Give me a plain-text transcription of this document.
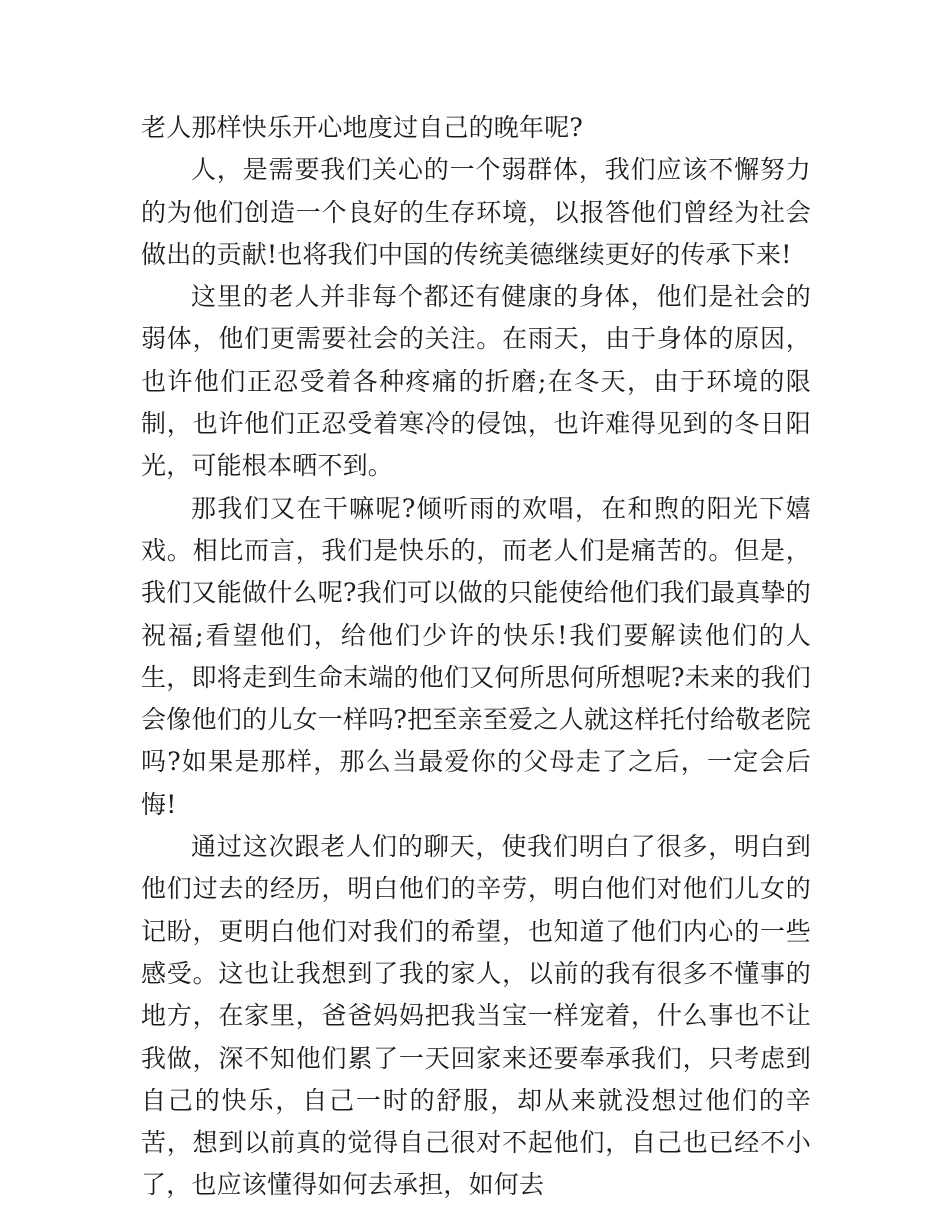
老人那样快乐开心地度过自己的晚年呢?

人，是需要我们关心的一个弱群体，我们应该不懈努力的为他们创造一个良好的生存环境，以报答他们曾经为社会做出的贡献!也将我们中国的传统美德继续更好的传承下来!

这里的老人并非每个都还有健康的身体，他们是社会的弱体，他们更需要社会的关注。在雨天，由于身体的原因，也许他们正忍受着各种疼痛的折磨;在冬天，由于环境的限制，也许他们正忍受着寒冷的侵蚀，也许难得见到的冬日阳光，可能根本晒不到。

那我们又在干嘛呢?倾听雨的欢唱，在和煦的阳光下嬉戏。相比而言，我们是快乐的，而老人们是痛苦的。但是，我们又能做什么呢?我们可以做的只能使给他们我们最真挚的祝福;看望他们，给他们少许的快乐!我们要解读他们的人生，即将走到生命末端的他们又何所思何所想呢?未来的我们会像他们的儿女一样吗?把至亲至爱之人就这样托付给敬老院吗?如果是那样，那么当最爱你的父母走了之后，一定会后悔!

通过这次跟老人们的聊天，使我们明白了很多，明白到他们过去的经历，明白他们的辛劳，明白他们对他们儿女的记盼，更明白他们对我们的希望，也知道了他们内心的一些感受。这也让我想到了我的家人，以前的我有很多不懂事的地方，在家里，爸爸妈妈把我当宝一样宠着，什么事也不让我做，深不知他们累了一天回家来还要奉承我们，只考虑到自己的快乐，自己一时的舒服，却从来就没想过他们的辛苦，想到以前真的觉得自己很对不起他们，自己也已经不小了，也应该懂得如何去承担，如何去
